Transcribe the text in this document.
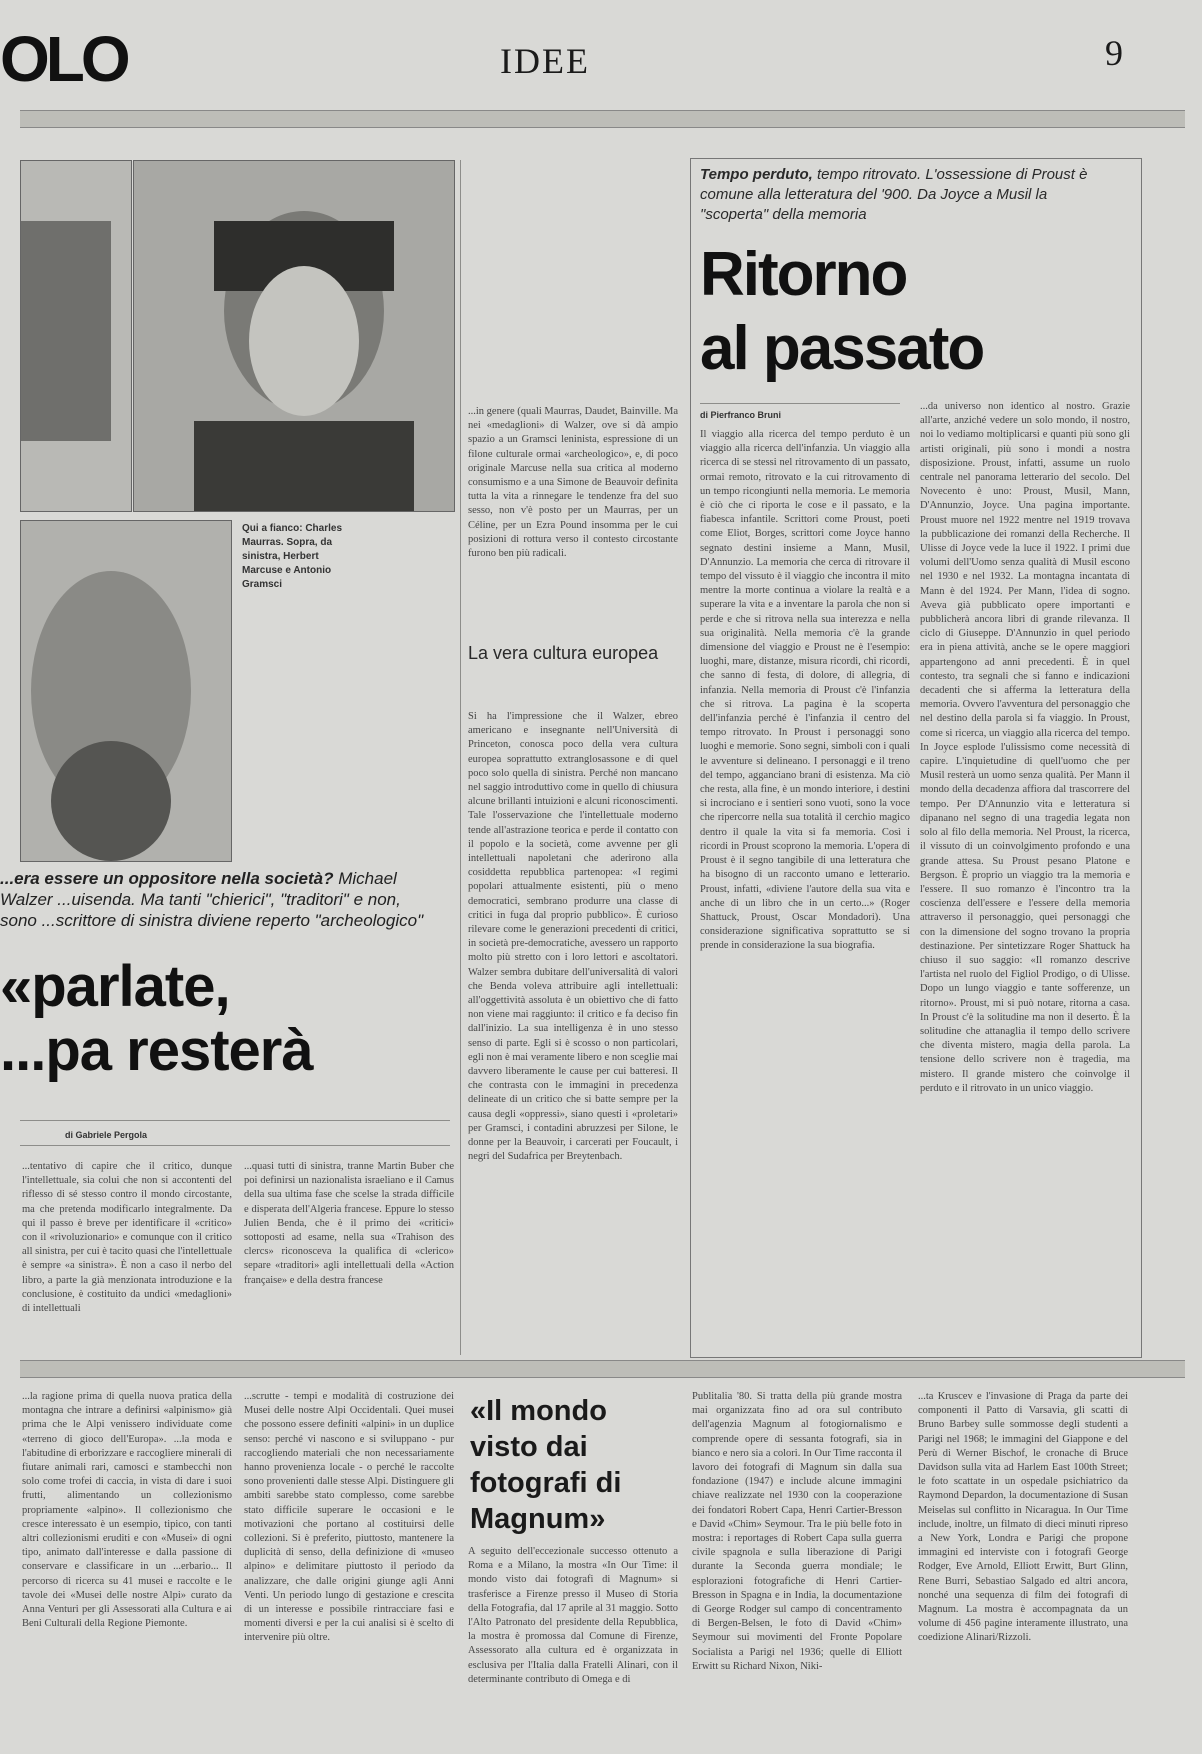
OLO	IDEE	9
Qui a fianco: Charles Maurras. Sopra, da sinistra, Herbert Marcuse e Antonio Gramsci
...era essere un oppositore nella società? Michael Walzer ...uisenda. Ma tanti "chierici", "traditori" e non, sono ...scrittore di sinistra diviene reperto "archeologico"
«parlate,
...pa resterà
di Gabriele Pergola
...tentativo di capire che il critico, dunque l'intellettuale, sia colui che non si accontenti del riflesso di sé stesso contro il mondo circostante, ma che pretenda modificarlo integralmente. Da qui il passo è breve per identificare il «critico» con il «rivoluzionario» e comunque con il critico all sinistra, per cui è tacito quasi che l'intellettuale è sempre «a sinistra». È non a caso il nerbo del libro, a parte la già menzionata introduzione e la conclusione, è costituito da undici «medaglioni» di intellettuali
...quasi tutti di sinistra, tranne Martin Buber che poi definirsi un nazionalista israeliano e il Camus della sua ultima fase che scelse la strada difficile e disperata dell'Algeria francese. Eppure lo stesso Julien Benda, che è il primo dei «critici» sottoposti ad esame, nella sua «Trahison des clercs» riconosceva la qualifica di «clerico» separe «traditori» agli intellettuali della «Action française» e della destra francese
...in genere (quali Maurras, Daudet, Bainville. Ma nei «medaglioni» di Walzer, ove si dà ampio spazio a un Gramsci leninista, espressione di un filone culturale ormai «archeologico», e, di poco originale Marcuse nella sua critica al moderno consumismo e a una Simone de Beauvoir definita tutta la vita a rinnegare le tendenze fra del suo sesso, non v'è posto per un Maurras, per un Céline, per un Ezra Pound insomma per le cui posizioni di rottura verso il contesto circostante furono ben più radicali.
La vera cultura europea
Si ha l'impressione che il Walzer, ebreo americano e insegnante nell'Università di Princeton, conosca poco della vera cultura europea soprattutto extranglosassone e di quel poco solo quella di sinistra. Perché non mancano nel saggio introduttivo come in quello di chiusura alcune brillanti intuizioni e alcuni riconoscimenti. Tale l'osservazione che l'intellettuale moderno tende all'astrazione teorica e perde il contatto con il popolo e la società, come avvenne per gli intellettuali napoletani che aderirono alla cosiddetta repubblica partenopea: «I regimi popolari attualmente esistenti, più o meno democratici, sembrano produrre una classe di critici in fuga dal proprio pubblico». È curioso rilevare come le generazioni precedenti di critici, in società pre-democratiche, avessero un rapporto molto più stretto con i loro lettori e ascoltatori. Walzer sembra dubitare dell'universalità di valori che Benda voleva attribuire agli intellettuali: all'oggettività assoluta è un obiettivo che di fatto non viene mai raggiunto: il critico e fa deciso fin dall'inizio. La sua intelligenza è in uno stesso senso di parte. Egli si è scosso o non particolari, egli non è mai veramente libero e non sceglie mai davvero liberamente le cause per cui batteresi. Il che contrasta con le immagini in precedenza delineate di un critico che si batte sempre per la causa degli «oppressi», siano questi i «proletari» per Gramsci, i contadini abruzzesi per Silone, le donne per la Beauvoir, i carcerati per Foucault, i negri del Sudafrica per Breytenbach.
Tempo perduto, tempo ritrovato. L'ossessione di Proust è comune alla letteratura del '900. Da Joyce a Musil la "scoperta" della memoria
Ritorno
al passato
di Pierfranco Bruni
Il viaggio alla ricerca del tempo perduto è un viaggio alla ricerca dell'infanzia. Un viaggio alla ricerca di se stessi nel ritrovamento di un passato, ormai remoto, ritrovato e la cui ritrovamento di un tempo ricongiunti nella memoria. Le memoria è ciò che ci riporta le cose e il passato, e la fiabesca infantile. Scrittori come Proust, poeti come Eliot, Borges, scrittori come Joyce hanno segnato destini insieme a Mann, Musil, D'Annunzio. La memoria che cerca di ritrovare il tempo del vissuto è il viaggio che incontra il mito mentre la morte continua a violare la realtà e a superare la vita e a inventare la parola che non si perde e che si ritrova nella sua interezza e nella sua originalità. Nella memoria c'è la grande dimensione del viaggio e Proust ne è l'esempio: luoghi, mare, distanze, misura ricordi, chi ricordi, che sanno di festa, di dolore, di allegria, di infanzia. Nella memoria di Proust c'è l'infanzia che si ritrova. La pagina è la scoperta dell'infanzia perché è l'infanzia il centro del tempo ritrovato. In Proust i personaggi sono luoghi e memorie. Sono segni, simboli con i quali le avventure si delineano. I personaggi e il treno del tempo, agganciano brani di esistenza. Ma ciò che resta, alla fine, è un mondo interiore, i destini si incrociano e i sentieri sono vuoti, sono la voce che ripercorre nella sua totalità il cerchio magico dentro il quale la vita si fa memoria. Così i ricordi in Proust scoprono la memoria. L'opera di Proust è il segno tangibile di una letteratura che ha bisogno di un racconto umano e letterario. Proust, infatti, «diviene l'autore della sua vita e anche di un libro che in un certo...» (Roger Shattuck, Proust, Oscar Mondadori). Una considerazione significativa soprattutto se si prende in considerazione la sua biografia.
...da universo non identico al nostro. Grazie all'arte, anziché vedere un solo mondo, il nostro, noi lo vediamo moltiplicarsi e quanti più sono gli artisti originali, più sono i mondi a nostra disposizione. Proust, infatti, assume un ruolo centrale nel panorama letterario del secolo. Del Novecento è uno: Proust, Musil, Mann, D'Annunzio, Joyce. Una pagina importante. Proust muore nel 1922 mentre nel 1919 trovava la pubblicazione dei romanzi della Recherche. Il Ulisse di Joyce vede la luce il 1922. I primi due volumi dell'Uomo senza qualità di Musil escono nel 1930 e nel 1932. La montagna incantata di Mann è del 1924. Per Mann, l'idea di sogno. Aveva già pubblicato opere importanti e pubblicherà ancora libri di grande rilevanza. Il ciclo di Giuseppe. D'Annunzio in quel periodo era in piena attività, anche se le opere maggiori appartengono ad anni precedenti. È in quel contesto, tra segnali che si fanno e indicazioni decadenti che si afferma la letteratura della memoria. Ovvero l'avventura del personaggio che nel destino della parola si fa viaggio. In Proust, come si ricerca, un viaggio alla ricerca del tempo. In Joyce esplode l'ulissismo come necessità di capire. L'inquietudine di quell'uomo che per Musil resterà un uomo senza qualità. Per Mann il mondo della decadenza affiora dal trascorrere del tempo. Per D'Annunzio vita e letteratura si dipanano nel segno di una tragedia legata non solo al filo della memoria. Nel Proust, la ricerca, il vissuto di un coinvolgimento profondo e una grande attesa. Su Proust pesano Platone e Bergson. È proprio un viaggio tra la memoria e l'essere. Il suo romanzo è l'incontro tra la coscienza dell'essere e l'essere della memoria attraverso il personaggio, quei personaggi che con la dimensione del sogno trovano la propria destinazione. Per sintetizzare Roger Shattuck ha chiuso il suo saggio: «Il romanzo descrive l'artista nel ruolo del Figliol Prodigo, o di Ulisse. Dopo un lungo viaggio e tante sofferenze, un ritorno». Proust, mi si può notare, ritorna a casa. In Proust c'è la solitudine ma non il deserto. È la solitudine che attanaglia il tempo dello scrivere che diventa mistero, magia della parola. La tensione dello scrivere non è tragedia, ma mistero. Il grande mistero che coinvolge il perduto e il ritrovato in un unico viaggio.
...la ragione prima di quella nuova pratica della montagna che intrare a definirsi «alpinismo» già prima che le Alpi venissero individuate come «terreno di gioco dell'Europa». ...la moda e l'abitudine di erborizzare e raccogliere minerali di fiutare animali rari, camosci e stambecchi non solo come trofei di caccia, in vista di dare i suoi frutti, alimentando un collezionismo propriamente «alpino». Il collezionismo che cresce interessato è un esempio, tipico, con tanti altri collezionismi eruditi e con «Musei» di ogni tipo, animato dall'interesse e dalla passione di conservare e classificare in un ...erbario... Il percorso di ricerca su 41 musei e raccolte e le tavole dei «Musei delle nostre Alpi» curato da Anna Venturi per gli Assessorati alla Cultura e ai Beni Culturali della Regione Piemonte.
...scrutte - tempi e modalità di costruzione dei Musei delle nostre Alpi Occidentali. Quei musei che possono essere definiti «alpini» in un duplice senso: perché vi nascono e si sviluppano - pur raccogliendo materiali che non necessariamente hanno provenienza locale - o perché le raccolte sono provenienti dalle stesse Alpi. Distinguere gli ambiti sarebbe stato complesso, come sarebbe stato difficile superare le occasioni e le motivazioni che portano al costituirsi delle collezioni. Si è preferito, piuttosto, mantenere la duplicità di senso, della definizione di «museo alpino» e delimitare piuttosto il periodo da analizzare, che dalle origini giunge agli Anni Venti. Un periodo lungo di gestazione e crescita di un interesse e possibile rintracciare fasi e momenti diversi e per la cui analisi si è scelto di intervenire più oltre.
«Il mondo visto dai fotografi di Magnum»
A seguito dell'eccezionale successo ottenuto a Roma e a Milano, la mostra «In Our Time: il mondo visto dai fotografi di Magnum» si trasferisce a Firenze presso il Museo di Storia della Fotografia, dal 17 aprile al 31 maggio. Sotto l'Alto Patronato del presidente della Repubblica, la mostra è promossa dal Comune di Firenze, Assessorato alla cultura ed è organizzata in esclusiva per l'Italia dalla Fratelli Alinari, con il determinante contributo di Omega e di
Publitalia '80. Si tratta della più grande mostra mai organizzata fino ad ora sul contributo dell'agenzia Magnum al fotogiornalismo e comprende opere di sessanta fotografi, sia in bianco e nero sia a colori. In Our Time racconta il lavoro dei fotografi di Magnum sin dalla sua fondazione (1947) e include alcune immagini chiave realizzate nel 1930 con la cooperazione dei fondatori Robert Capa, Henri Cartier-Bresson e David «Chim» Seymour. Tra le più belle foto in mostra: i reportages di Robert Capa sulla guerra civile spagnola e sulla liberazione di Parigi durante la Seconda guerra mondiale; le esplorazioni fotografiche di Henri Cartier-Bresson in Spagna e in India, la documentazione di George Rodger sul campo di concentramento di Bergen-Belsen, le foto di David «Chim» Seymour sui movimenti del Fronte Popolare Socialista a Parigi nel 1936; quelle di Elliott Erwitt su Richard Nixon, Niki-
...ta Kruscev e l'invasione di Praga da parte dei componenti il Patto di Varsavia, gli scatti di Bruno Barbey sulle sommosse degli studenti a Parigi nel 1968; le immagini del Giappone e del Perù di Werner Bischof, le cronache di Bruce Davidson sulla vita ad Harlem East 100th Street; le foto scattate in un ospedale psichiatrico da Raymond Depardon, la documentazione di Susan Meiselas sul conflitto in Nicaragua. In Our Time include, inoltre, un filmato di dieci minuti ripreso a New York, Londra e Parigi che propone immagini ed interviste con i fotografi George Rodger, Eve Arnold, Elliott Erwitt, Burt Glinn, Rene Burri, Sebastiao Salgado ed altri ancora, nonché una sequenza di film dei fotografi di Magnum. La mostra è accompagnata da un volume di 456 pagine interamente illustrato, una coedizione Alinari/Rizzoli.
